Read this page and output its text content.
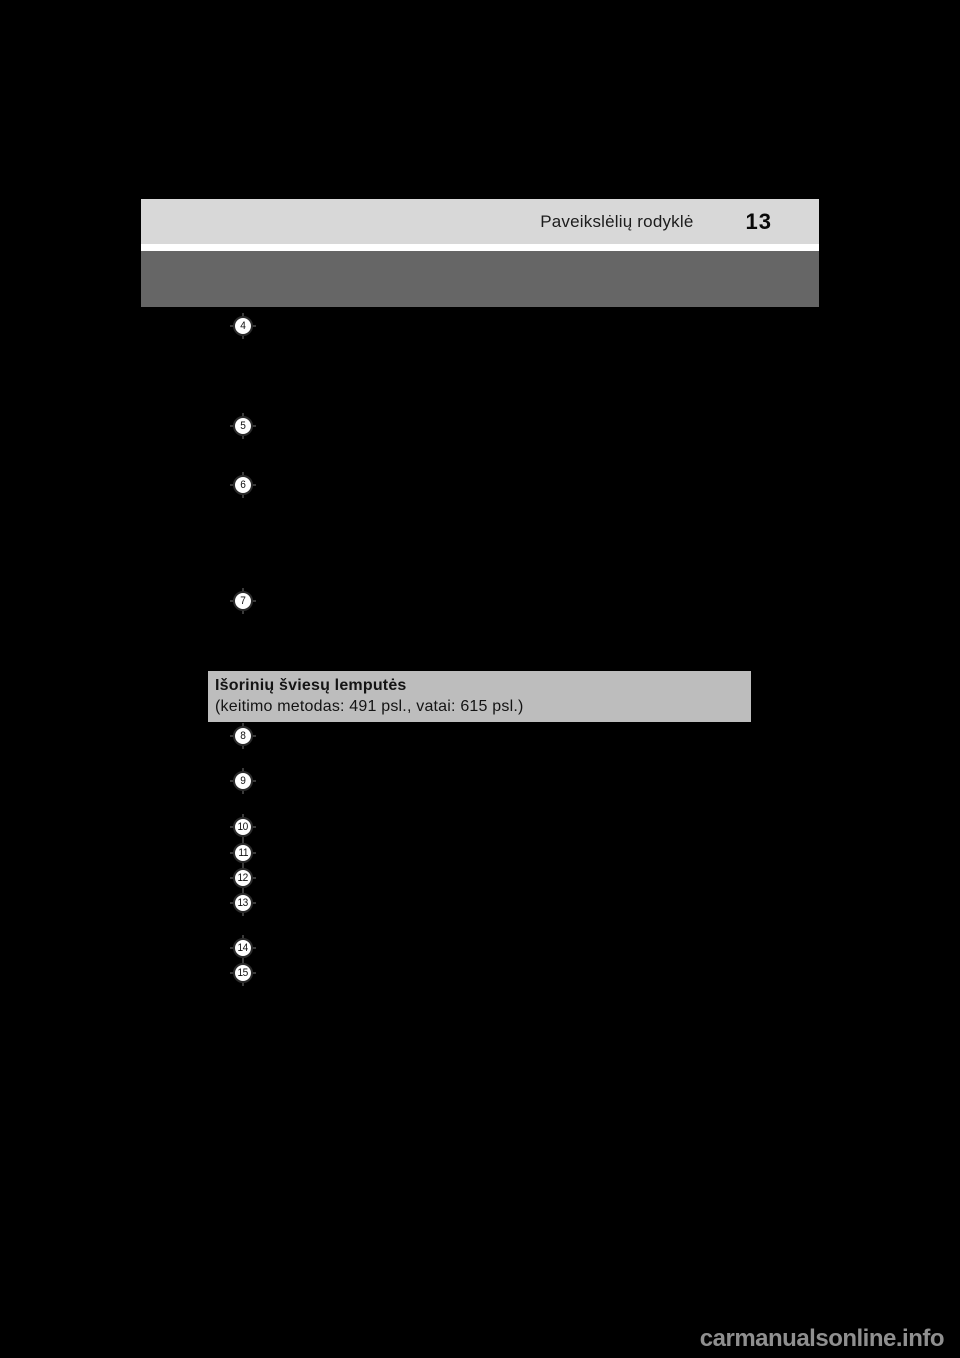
Paveikslėlių rodyklė 13
4
5
6
7
Išorinių šviesų lemputės
(keitimo metodas: 491 psl., vatai: 615 psl.)
8
9
10
11
12
13
14
15
carmanualsonline.info
